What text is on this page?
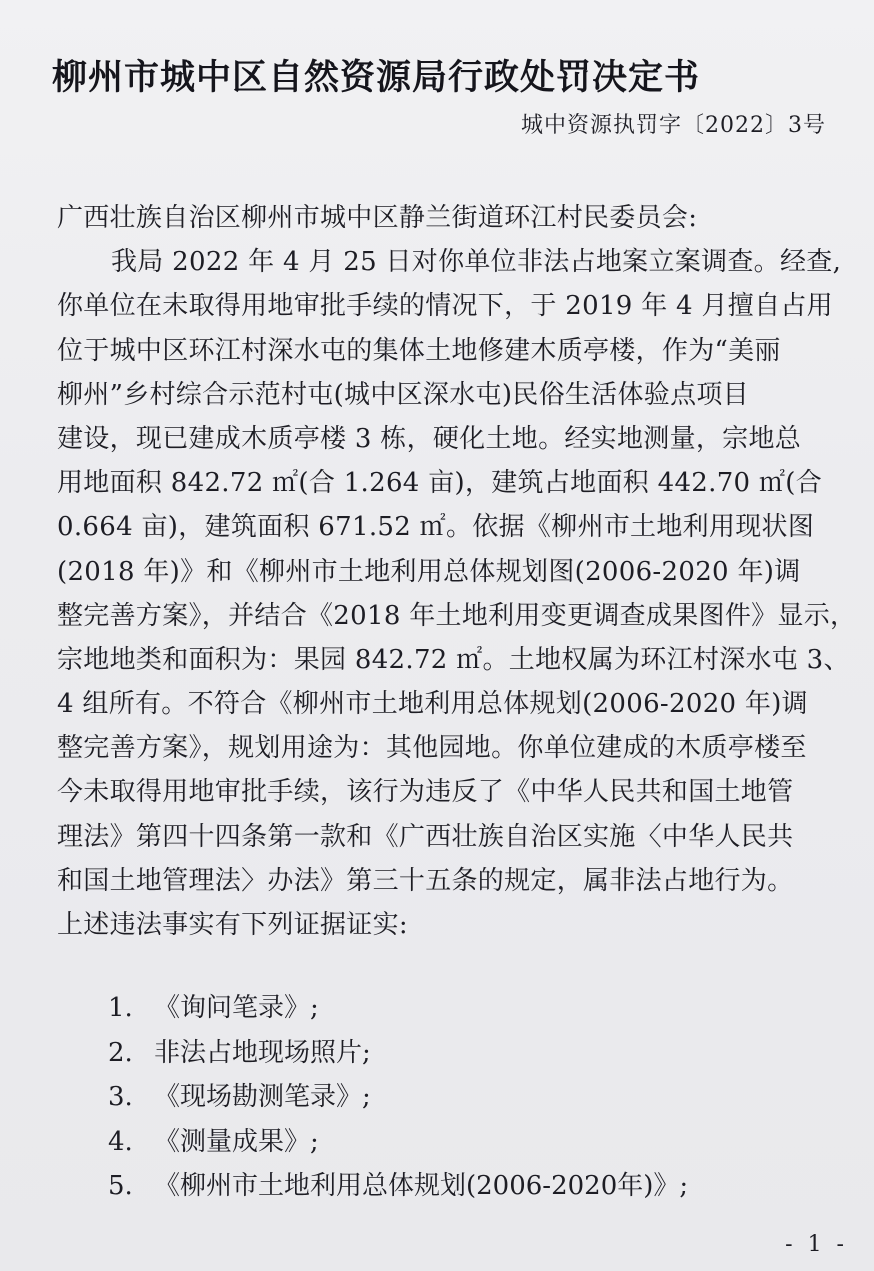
柳州市城中区自然资源局行政处罚决定书
城中资源执罚字〔2022〕3号
广西壮族自治区柳州市城中区静兰街道环江村民委员会:
我局 2022 年 4 月 25 日对你单位非法占地案立案调查。经查,
你单位在未取得用地审批手续的情况下，于 2019 年 4 月擅自占用
位于城中区环江村深水屯的集体土地修建木质亭楼，作为“美丽
柳州”乡村综合示范村屯(城中区深水屯)民俗生活体验点项目
建设，现已建成木质亭楼 3 栋，硬化土地。经实地测量，宗地总
用地面积 842.72 ㎡(合 1.264 亩)，建筑占地面积 442.70 ㎡(合
0.664 亩)，建筑面积 671.52 ㎡。依据《柳州市土地利用现状图
(2018 年)》和《柳州市土地利用总体规划图(2006-2020 年)调
整完善方案》，并结合《2018 年土地利用变更调查成果图件》显示，
宗地地类和面积为：果园 842.72 ㎡。土地权属为环江村深水屯 3、
4 组所有。不符合《柳州市土地利用总体规划(2006-2020 年)调
整完善方案》，规划用途为：其他园地。你单位建成的木质亭楼至
今未取得用地审批手续，该行为违反了《中华人民共和国土地管
理法》第四十四条第一款和《广西壮族自治区实施〈中华人民共
和国土地管理法〉办法》第三十五条的规定，属非法占地行为。
上述违法事实有下列证据证实:
1. 《询问笔录》;
2. 非法占地现场照片;
3. 《现场勘测笔录》;
4. 《测量成果》;
5. 《柳州市土地利用总体规划(2006-2020年)》;
- 1 -
